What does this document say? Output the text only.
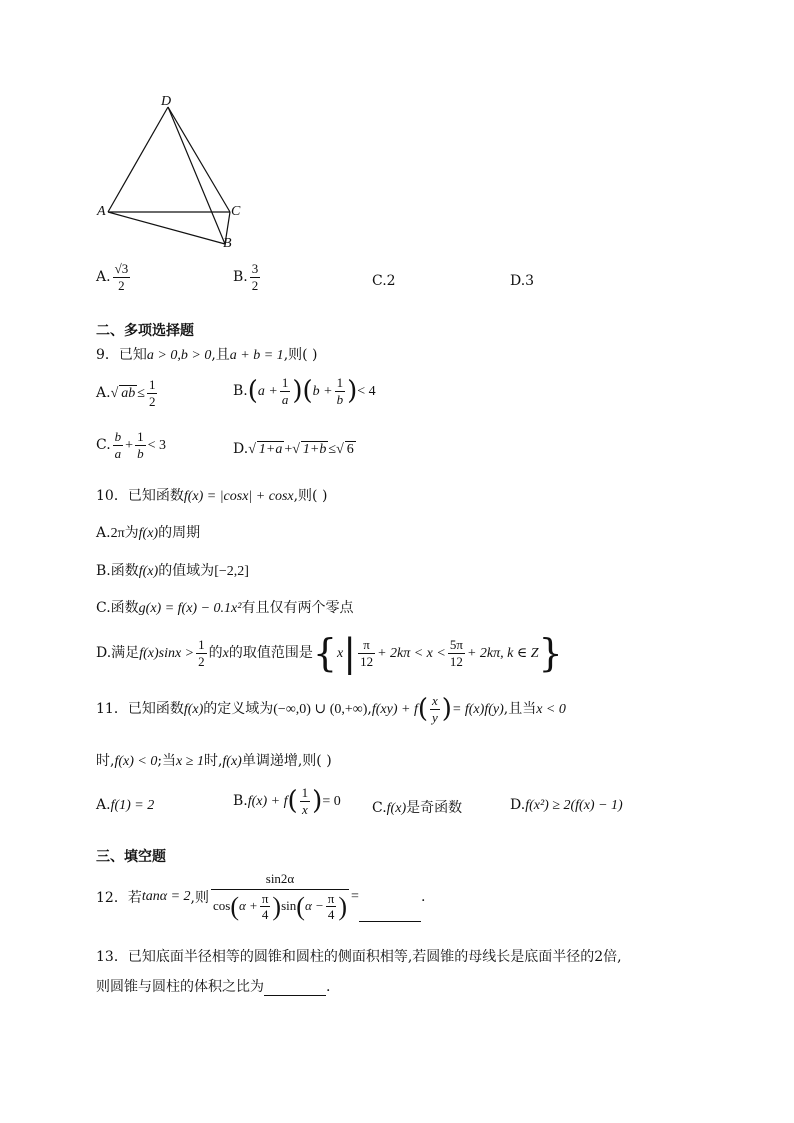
D
A	C
B
A. $\frac{√3}{2}$	B. $\frac{3}{2}$	C.2	D.3
二、多项选择题
9．已知a > 0,b > 0,且a + b = 1,则( )
A.√ ab ≤ $\frac{1}{2}$	$B.(a + \frac{1}{a} )(b + \frac{1}{b}$ )< 4
C. $\frac{b}{a} + \frac{1}{b} < 3$	D.√ 1+a +√ 1+b ≤√ 6
10．已知函数f(x) = |cosx| + cosx,则( )
A.2π为f(x)的周期
B.函数f(x)的值域为[−2,2]
C.函数g(x) = f(x) − 0.1x²有且仅有两个零点
D.满足$f(x)\sin x > \frac{1}{2}$ 的x的取值范围是{$x| \frac{\pi}{12} + 2k\pi < x < \frac{5\pi}{12} + 2k\pi$, k ∈ Z}
11．已知函数f(x)的定义域为(−∞,0) ∪ $(0,+\infty),f(xy) + f( \frac{x}{y}$ )= f(x)f(y),且当x < 0
时,f(x) < 0;当x ≥ 1时,f(x)单调递增,则( )
A.f(1) = 2	$B.f(x) + f( \frac{1}{x}$ )= 0 C.f(x)是奇函数	D.f(x²) ≥ 2(f(x) − 1)
三、填空题
12．若tanα = 2,则 $\frac{\sin 2\alpha}{\cos(\alpha + \frac{\pi}{4} )\sin(\alpha - \frac{\pi}{4} )}$ =	.
13．已知底面半径相等的圆锥和圆柱的侧面积相等,若圆锥的母线长是底面半径的2倍,
则圆锥与圆柱的体积之比为	.
